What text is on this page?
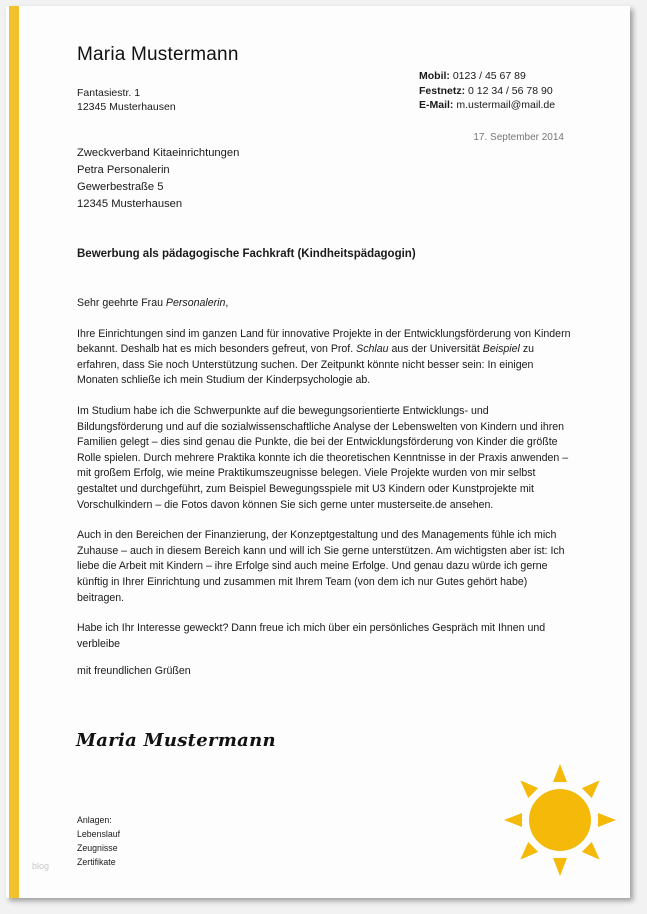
Maria Mustermann
Fantasiestr. 1
12345 Musterhausen
Mobil: 0123 / 45 67 89
Festnetz: 0 12 34 / 56 78 90
E-Mail: m.ustermail@mail.de
17. September 2014
Zweckverband Kitaeinrichtungen
Petra Personalerin
Gewerbestraße 5
12345 Musterhausen
Bewerbung als pädagogische Fachkraft (Kindheitspädagogin)

Sehr geehrte Frau Personalerin,

Ihre Einrichtungen sind im ganzen Land für innovative Projekte in der Entwicklungsförderung von Kindern bekannt. Deshalb hat es mich besonders gefreut, von Prof. Schlau aus der Universität Beispiel zu erfahren, dass Sie noch Unterstützung suchen. Der Zeitpunkt könnte nicht besser sein: In einigen Monaten schließe ich mein Studium der Kinderpsychologie ab.

Im Studium habe ich die Schwerpunkte auf die bewegungsorientierte Entwicklungs- und Bildungsförderung und auf die sozialwissenschaftliche Analyse der Lebenswelten von Kindern und ihren Familien gelegt – dies sind genau die Punkte, die bei der Entwicklungsförderung von Kinder die größte Rolle spielen. Durch mehrere Praktika konnte ich die theoretischen Kenntnisse in der Praxis anwenden – mit großem Erfolg, wie meine Praktikumszeugnisse belegen. Viele Projekte wurden von mir selbst gestaltet und durchgeführt, zum Beispiel Bewegungsspiele mit U3 Kindern oder Kunstprojekte mit Vorschulkindern – die Fotos davon können Sie sich gerne unter musterseite.de ansehen.

Auch in den Bereichen der Finanzierung, der Konzeptgestaltung und des Managements fühle ich mich Zuhause – auch in diesem Bereich kann und will ich Sie gerne unterstützen. Am wichtigsten aber ist: Ich liebe die Arbeit mit Kindern – ihre Erfolge sind auch meine Erfolge. Und genau dazu würde ich gerne künftig in Ihrer Einrichtung und zusammen mit Ihrem Team (von dem ich nur Gutes gehört habe) beitragen.

Habe ich Ihr Interesse geweckt? Dann freue ich mich über ein persönliches Gespräch mit Ihnen und verbleibe

mit freundlichen Grüßen

Maria Mustermann
Anlagen:
Lebenslauf
Zeugnisse
Zertifikate
blog
